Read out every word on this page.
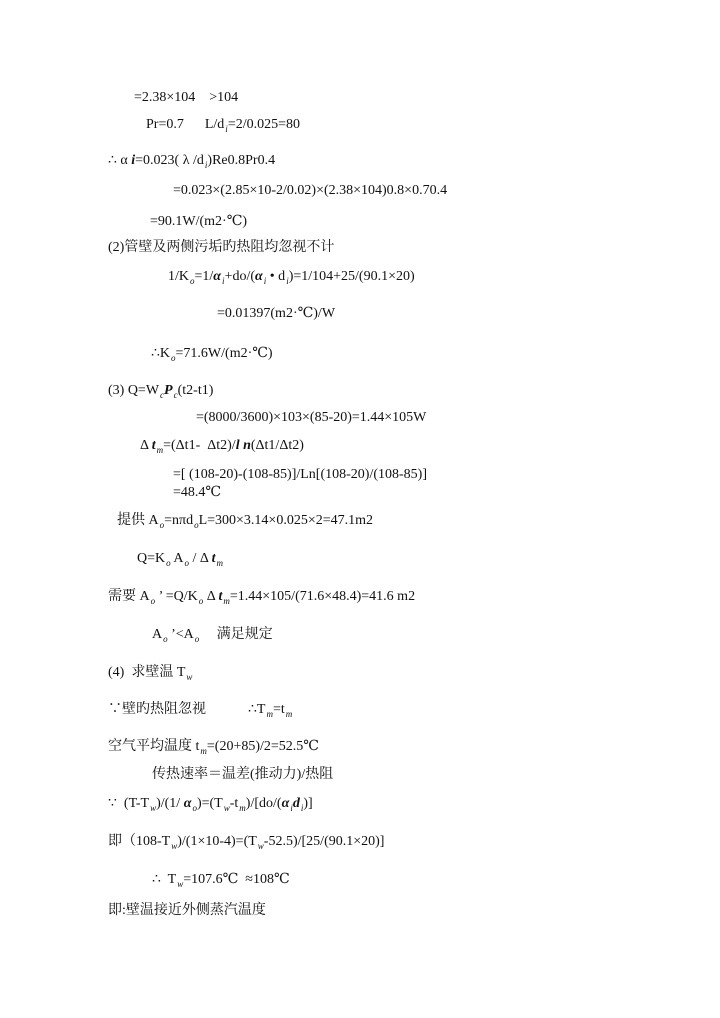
=2.38×104    >104
Pr=0.7      $L/d_i=2/0.025=80$
∴ α i=0.023( λ $/d_i)Re0.8Pr0.4$
=0.023×(2.85×10-2/0.02)×(2.38×104)0.8×0.70.4
=90.1W/(m2·℃)
(2)管壁及两侧污垢旳热阻均忽视不计
$1/K_o=1/\alpha_i+do/(\alpha_i$ • $d_i)=1/104+25/(90.1\times 20)$
=0.01397(m2·℃)/W
$\therefore K_o=71.6W/(m2\cdot℃)$
(3) $Q=W_cP_c(t2-t1)$
=(8000/3600)×103×(85-20)=1.44×105W
Δ $t_m=(\Delta t1-$  Δt2)/l n(Δt1/Δt2)
=[ (108-20)-(108-85)]/Ln[(108-20)/(108-85)]
=48.4℃
提供 $A_o=n\pi d_oL=300\times 3.14\times 0.025\times 2=47.1m2$
$Q=K_o$ $A_o$ / Δ $t_m$
需要 $A_o$ ’ $=Q/K_o$ Δ $t_m=1.44\times 105/(71.6\times 48.4)=41.6$ m2
$A_o$ $’<A_o$     满足规定
(4)  求壁温 $T_w$
∵壁旳热阻忽视	$\therefore T_m=t_m$
空气平均温度 $t_m=(20+85)/2=52.5℃$
传热速率＝温差(推动力)/热阻
∵  $(T-T_w)/(1/$ $\alpha_o)=(T_w-t_m)/[do/(\alpha_id_i)]$
即$(108-T_w)/(1\times 10-4)=(T_w-52.5)/[25/(90.1\times 20)]$
∴  $T_w=107.6℃$  ≈108℃
即:壁温接近外侧蒸汽温度
